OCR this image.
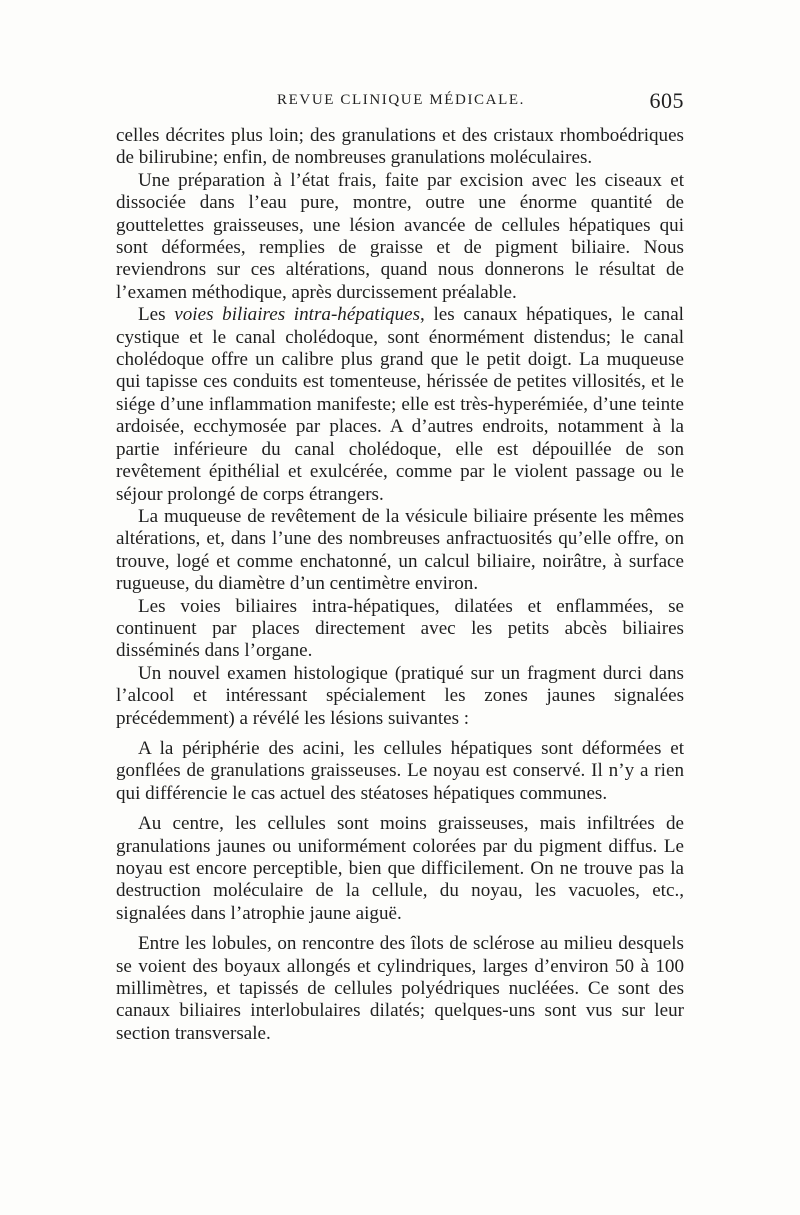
REVUE CLINIQUE MÉDICALE.	605

celles décrites plus loin; des granulations et des cristaux rhomboédriques de bilirubine; enfin, de nombreuses granulations moléculaires.

Une préparation à l’état frais, faite par excision avec les ciseaux et dissociée dans l’eau pure, montre, outre une énorme quantité de gouttelettes graisseuses, une lésion avancée de cellules hépatiques qui sont déformées, remplies de graisse et de pigment biliaire. Nous reviendrons sur ces altérations, quand nous donnerons le résultat de l’examen méthodique, après durcissement préalable.

Les voies biliaires intra-hépatiques, les canaux hépatiques, le canal cystique et le canal cholédoque, sont énormément distendus; le canal cholédoque offre un calibre plus grand que le petit doigt. La muqueuse qui tapisse ces conduits est tomenteuse, hérissée de petites villosités, et le siége d’une inflammation manifeste; elle est très-hyperémiée, d’une teinte ardoisée, ecchymosée par places. A d’autres endroits, notamment à la partie inférieure du canal cholédoque, elle est dépouillée de son revêtement épithélial et exulcérée, comme par le violent passage ou le séjour prolongé de corps étrangers.

La muqueuse de revêtement de la vésicule biliaire présente les mêmes altérations, et, dans l’une des nombreuses anfractuosités qu’elle offre, on trouve, logé et comme enchatonné, un calcul biliaire, noirâtre, à surface rugueuse, du diamètre d’un centimètre environ.

Les voies biliaires intra-hépatiques, dilatées et enflammées, se continuent par places directement avec les petits abcès biliaires disséminés dans l’organe.

Un nouvel examen histologique (pratiqué sur un fragment durci dans l’alcool et intéressant spécialement les zones jaunes signalées précédemment) a révélé les lésions suivantes :

A la périphérie des acini, les cellules hépatiques sont déformées et gonflées de granulations graisseuses. Le noyau est conservé. Il n’y a rien qui différencie le cas actuel des stéatoses hépatiques communes.

Au centre, les cellules sont moins graisseuses, mais infiltrées de granulations jaunes ou uniformément colorées par du pigment diffus. Le noyau est encore perceptible, bien que difficilement. On ne trouve pas la destruction moléculaire de la cellule, du noyau, les vacuoles, etc., signalées dans l’atrophie jaune aiguë.

Entre les lobules, on rencontre des îlots de sclérose au milieu desquels se voient des boyaux allongés et cylindriques, larges d’environ 50 à 100 millimètres, et tapissés de cellules polyédriques nucléées. Ce sont des canaux biliaires interlobulaires dilatés; quelques-uns sont vus sur leur section transversale.
